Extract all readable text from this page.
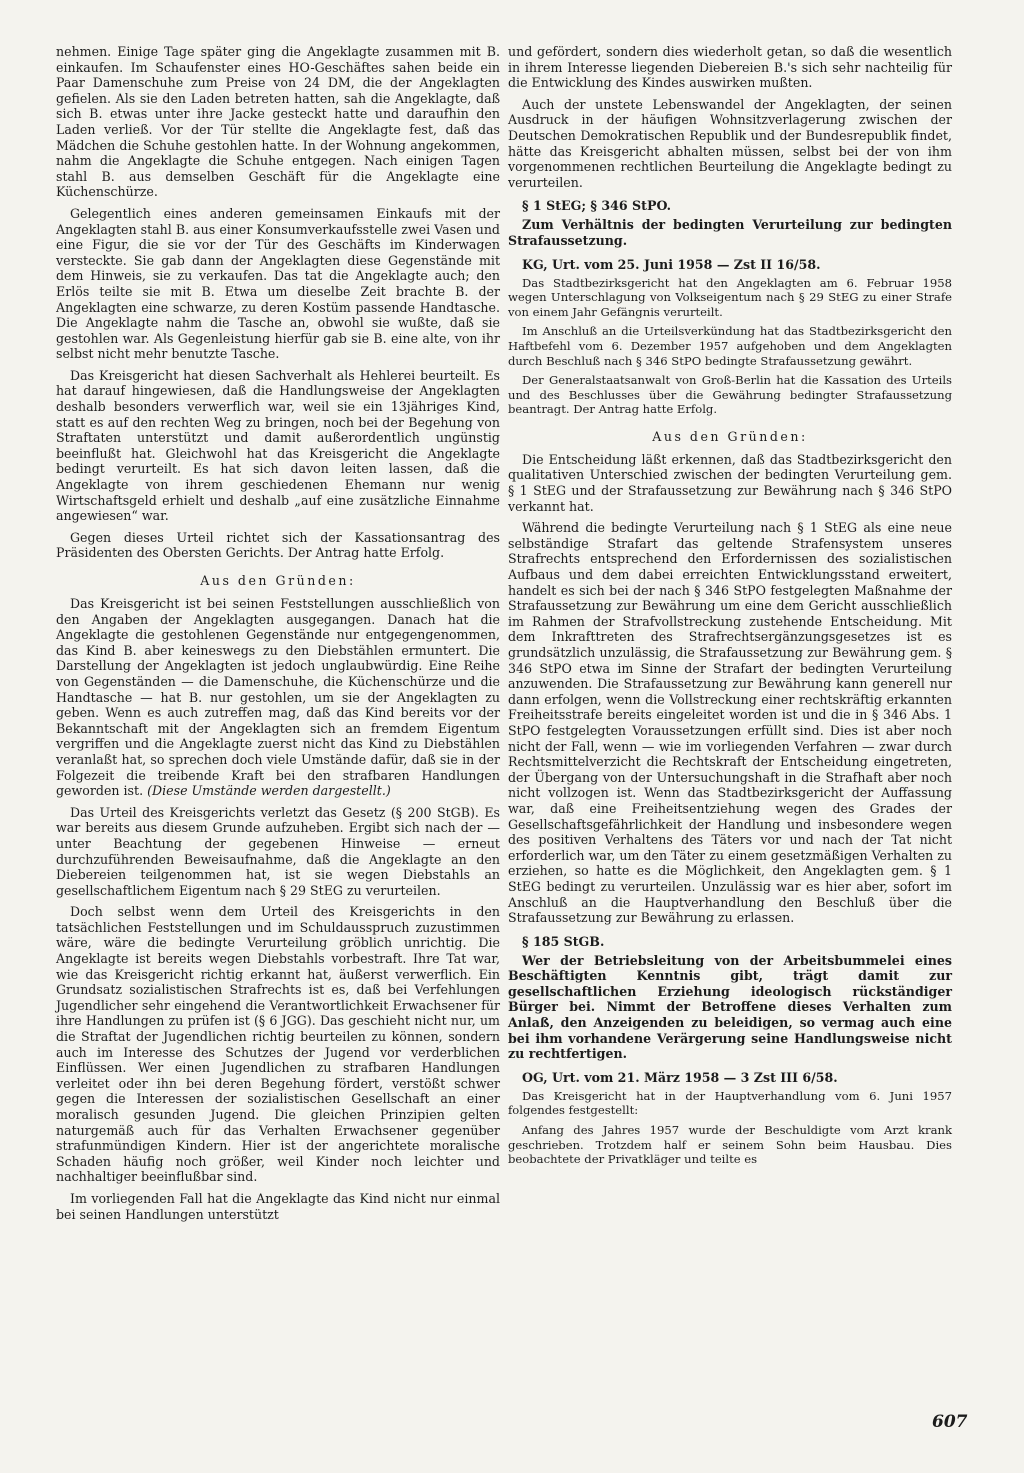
nehmen. Einige Tage später ging die Angeklagte zusammen mit B. einkaufen. Im Schaufenster eines HO-Geschäftes sahen beide ein Paar Damenschuhe zum Preise von 24 DM, die der Angeklagten gefielen. Als sie den Laden betreten hatten, sah die Angeklagte, daß sich B. etwas unter ihre Jacke gesteckt hatte und daraufhin den Laden verließ. Vor der Tür stellte die Angeklagte fest, daß das Mädchen die Schuhe gestohlen hatte. In der Wohnung angekommen, nahm die Angeklagte die Schuhe entgegen. Nach einigen Tagen stahl B. aus demselben Geschäft für die Angeklagte eine Küchenschürze.

Gelegentlich eines anderen gemeinsamen Einkaufs mit der Angeklagten stahl B. aus einer Konsumverkaufsstelle zwei Vasen und eine Figur, die sie vor der Tür des Geschäfts im Kinderwagen versteckte. Sie gab dann der Angeklagten diese Gegenstände mit dem Hinweis, sie zu verkaufen. Das tat die Angeklagte auch; den Erlös teilte sie mit B. Etwa um dieselbe Zeit brachte B. der Angeklagten eine schwarze, zu deren Kostüm passende Handtasche. Die Angeklagte nahm die Tasche an, obwohl sie wußte, daß sie gestohlen war. Als Gegenleistung hierfür gab sie B. eine alte, von ihr selbst nicht mehr benutzte Tasche.

Das Kreisgericht hat diesen Sachverhalt als Hehlerei beurteilt. Es hat darauf hingewiesen, daß die Handlungsweise der Angeklagten deshalb besonders verwerflich war, weil sie ein 13jähriges Kind, statt es auf den rechten Weg zu bringen, noch bei der Begehung von Straftaten unterstützt und damit außerordentlich ungünstig beeinflußt hat. Gleichwohl hat das Kreisgericht die Angeklagte bedingt verurteilt. Es hat sich davon leiten lassen, daß die Angeklagte von ihrem geschiedenen Ehemann nur wenig Wirtschaftsgeld erhielt und deshalb „auf eine zusätzliche Einnahme angewiesen“ war.

Gegen dieses Urteil richtet sich der Kassationsantrag des Präsidenten des Obersten Gerichts. Der Antrag hatte Erfolg.

Aus den Gründen:

Das Kreisgericht ist bei seinen Feststellungen ausschließlich von den Angaben der Angeklagten ausgegangen. Danach hat die Angeklagte die gestohlenen Gegenstände nur entgegengenommen, das Kind B. aber keineswegs zu den Diebstählen ermuntert. Die Darstellung der Angeklagten ist jedoch unglaubwürdig. Eine Reihe von Gegenständen — die Damenschuhe, die Küchenschürze und die Handtasche — hat B. nur gestohlen, um sie der Angeklagten zu geben. Wenn es auch zutreffen mag, daß das Kind bereits vor der Bekanntschaft mit der Angeklagten sich an fremdem Eigentum vergriffen und die Angeklagte zuerst nicht das Kind zu Diebstählen veranlaßt hat, so sprechen doch viele Umstände dafür, daß sie in der Folgezeit die treibende Kraft bei den strafbaren Handlungen geworden ist. (Diese Umstände werden dargestellt.)

Das Urteil des Kreisgerichts verletzt das Gesetz (§ 200 StGB). Es war bereits aus diesem Grunde aufzuheben. Ergibt sich nach der — unter Beachtung der gegebenen Hinweise — erneut durchzuführenden Beweisaufnahme, daß die Angeklagte an den Diebereien teilgenommen hat, ist sie wegen Diebstahls an gesellschaftlichem Eigentum nach § 29 StEG zu verurteilen.

Doch selbst wenn dem Urteil des Kreisgerichts in den tatsächlichen Feststellungen und im Schuldausspruch zuzustimmen wäre, wäre die bedingte Verurteilung gröblich unrichtig. Die Angeklagte ist bereits wegen Diebstahls vorbestraft. Ihre Tat war, wie das Kreisgericht richtig erkannt hat, äußerst verwerflich. Ein Grundsatz sozialistischen Strafrechts ist es, daß bei Verfehlungen Jugendlicher sehr eingehend die Verantwortlichkeit Erwachsener für ihre Handlungen zu prüfen ist (§ 6 JGG). Das geschieht nicht nur, um die Straftat der Jugendlichen richtig beurteilen zu können, sondern auch im Interesse des Schutzes der Jugend vor verderblichen Einflüssen. Wer einen Jugendlichen zu strafbaren Handlungen verleitet oder ihn bei deren Begehung fördert, verstößt schwer gegen die Interessen der sozialistischen Gesellschaft an einer moralisch gesunden Jugend. Die gleichen Prinzipien gelten naturgemäß auch für das Verhalten Erwachsener gegenüber strafunmündigen Kindern. Hier ist der angerichtete moralische Schaden häufig noch größer, weil Kinder noch leichter und nachhaltiger beeinflußbar sind.

Im vorliegenden Fall hat die Angeklagte das Kind nicht nur einmal bei seinen Handlungen unterstützt

und gefördert, sondern dies wiederholt getan, so daß die wesentlich in ihrem Interesse liegenden Diebereien B.'s sich sehr nachteilig für die Entwicklung des Kindes auswirken mußten.

Auch der unstete Lebenswandel der Angeklagten, der seinen Ausdruck in der häufigen Wohnsitzverlagerung zwischen der Deutschen Demokratischen Republik und der Bundesrepublik findet, hätte das Kreisgericht abhalten müssen, selbst bei der von ihm vorgenommenen rechtlichen Beurteilung die Angeklagte bedingt zu verurteilen.

§ 1 StEG; § 346 StPO.

Zum Verhältnis der bedingten Verurteilung zur bedingten Strafaussetzung.

KG, Urt. vom 25. Juni 1958 — Zst II 16/58.

Das Stadtbezirksgericht hat den Angeklagten am 6. Februar 1958 wegen Unterschlagung von Volkseigentum nach § 29 StEG zu einer Strafe von einem Jahr Gefängnis verurteilt.

Im Anschluß an die Urteilsverkündung hat das Stadtbezirksgericht den Haftbefehl vom 6. Dezember 1957 aufgehoben und dem Angeklagten durch Beschluß nach § 346 StPO bedingte Strafaussetzung gewährt.

Der Generalstaatsanwalt von Groß-Berlin hat die Kassation des Urteils und des Beschlusses über die Gewährung bedingter Strafaussetzung beantragt. Der Antrag hatte Erfolg.

Aus den Gründen:

Die Entscheidung läßt erkennen, daß das Stadtbezirksgericht den qualitativen Unterschied zwischen der bedingten Verurteilung gem. § 1 StEG und der Strafaussetzung zur Bewährung nach § 346 StPO verkannt hat.

Während die bedingte Verurteilung nach § 1 StEG als eine neue selbständige Strafart das geltende Strafensystem unseres Strafrechts entsprechend den Erfordernissen des sozialistischen Aufbaus und dem dabei erreichten Entwicklungsstand erweitert, handelt es sich bei der nach § 346 StPO festgelegten Maßnahme der Strafaussetzung zur Bewährung um eine dem Gericht ausschließlich im Rahmen der Strafvollstreckung zustehende Entscheidung. Mit dem Inkrafttreten des Strafrechtsergänzungsgesetzes ist es grundsätzlich unzulässig, die Strafaussetzung zur Bewährung gem. § 346 StPO etwa im Sinne der Strafart der bedingten Verurteilung anzuwenden. Die Strafaussetzung zur Bewährung kann generell nur dann erfolgen, wenn die Vollstreckung einer rechtskräftig erkannten Freiheitsstrafe bereits eingeleitet worden ist und die in § 346 Abs. 1 StPO festgelegten Voraussetzungen erfüllt sind. Dies ist aber noch nicht der Fall, wenn — wie im vorliegenden Verfahren — zwar durch Rechtsmittelverzicht die Rechtskraft der Entscheidung eingetreten, der Übergang von der Untersuchungshaft in die Strafhaft aber noch nicht vollzogen ist. Wenn das Stadtbezirksgericht der Auffassung war, daß eine Freiheitsentziehung wegen des Grades der Gesellschaftsgefährlichkeit der Handlung und insbesondere wegen des positiven Verhaltens des Täters vor und nach der Tat nicht erforderlich war, um den Täter zu einem gesetzmäßigen Verhalten zu erziehen, so hatte es die Möglichkeit, den Angeklagten gem. § 1 StEG bedingt zu verurteilen. Unzulässig war es hier aber, sofort im Anschluß an die Hauptverhandlung den Beschluß über die Strafaussetzung zur Bewährung zu erlassen.

§ 185 StGB.

Wer der Betriebsleitung von der Arbeitsbummelei eines Beschäftigten Kenntnis gibt, trägt damit zur gesellschaftlichen Erziehung ideologisch rückständiger Bürger bei. Nimmt der Betroffene dieses Verhalten zum Anlaß, den Anzeigenden zu beleidigen, so vermag auch eine bei ihm vorhandene Verärgerung seine Handlungsweise nicht zu rechtfertigen.

OG, Urt. vom 21. März 1958 — 3 Zst III 6/58.

Das Kreisgericht hat in der Hauptverhandlung vom 6. Juni 1957 folgendes festgestellt:

Anfang des Jahres 1957 wurde der Beschuldigte vom Arzt krank geschrieben. Trotzdem half er seinem Sohn beim Hausbau. Dies beobachtete der Privatkläger und teilte es

607
